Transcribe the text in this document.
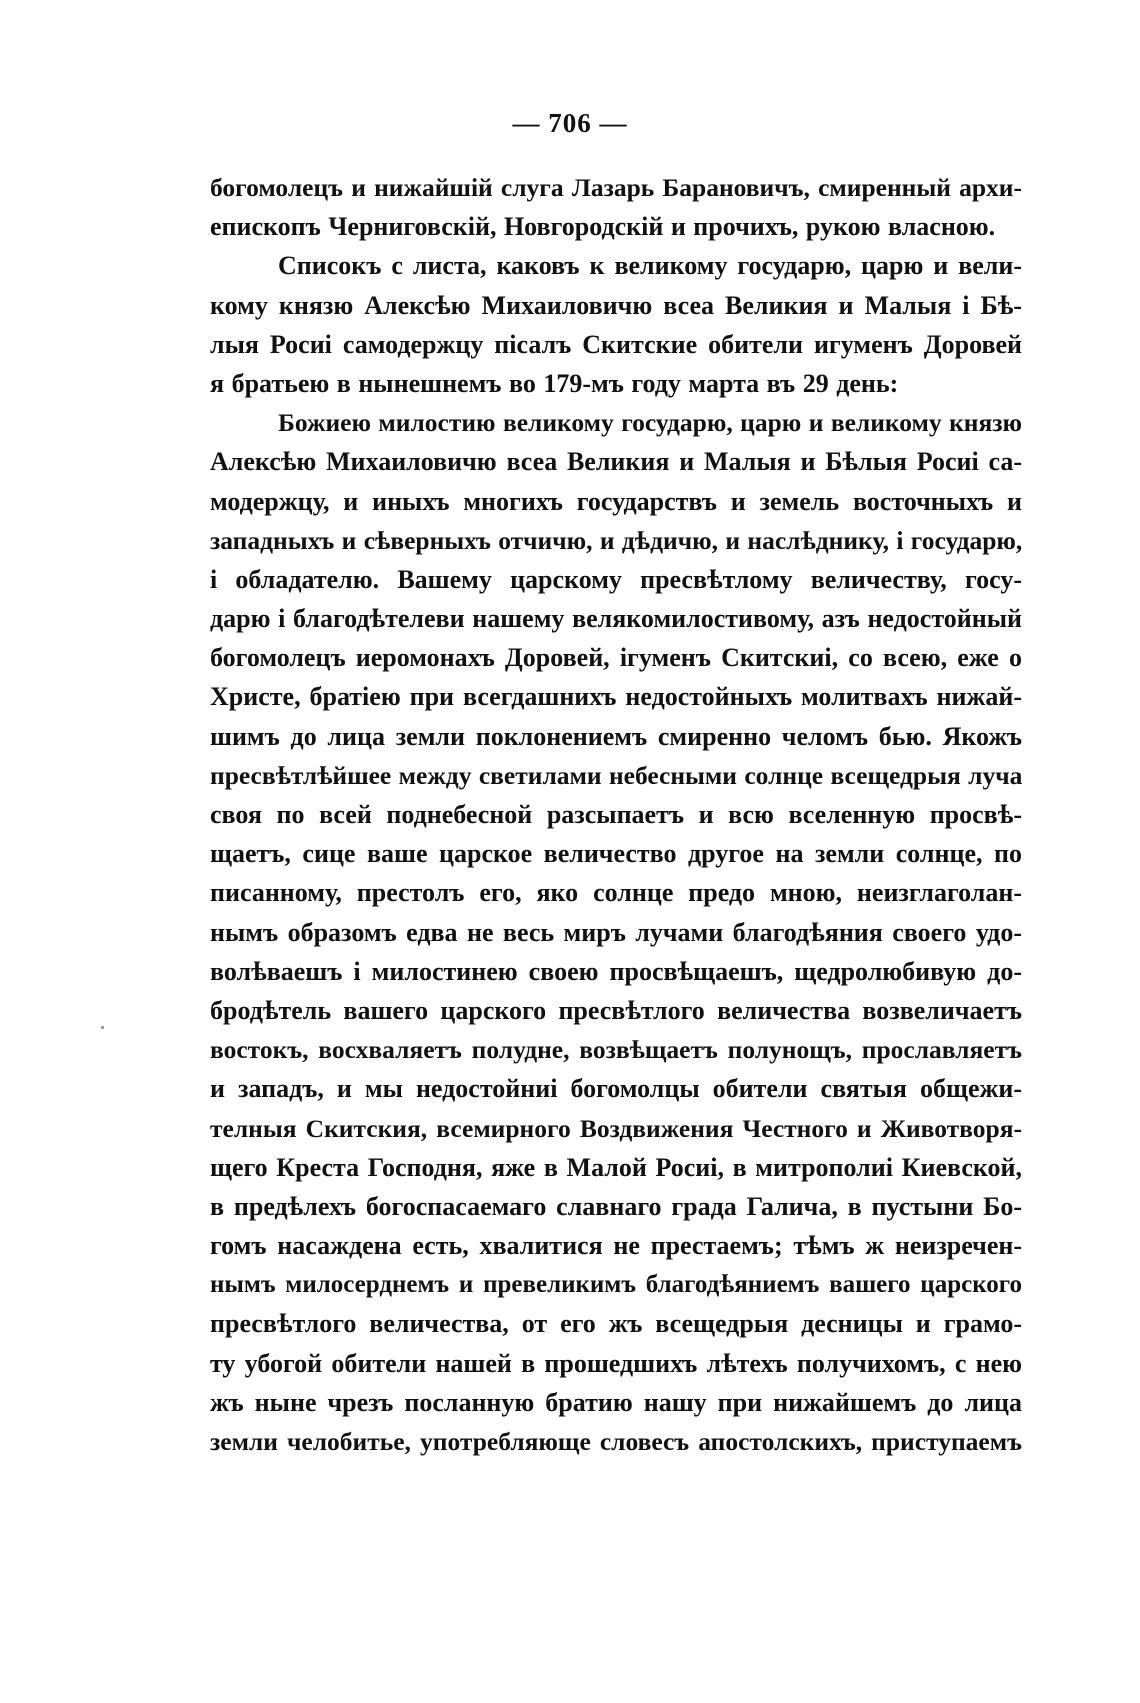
— 706 —
богомолецъ и нижайшій слуга Лазарь Барановичъ, смиренный архи-
епископъ Черниговскій, Новгородскій и прочихъ, рукою власною.
Списокъ с листа, каковъ к великому государю, царю и вели-
кому князю Алексѣю Михаиловичю всеа Великия и Малыя і Бѣ-
лыя Росиі самодержцу пісалъ Скитские обители игуменъ Доровей
я братьею в нынешнемъ во 179-мъ году марта въ 29 день:
Божиею милостию великому государю, царю и великому князю
Алексѣю Михаиловичю всеа Великия и Малыя и Бѣлыя Росиі са-
модержцу, и иныхъ многихъ государствъ и земель восточныхъ и
западныхъ и сѣверныхъ отчичю, и дѣдичю, и наслѣднику, і государю,
і обладателю. Вашему царскому пресвѣтлому величеству, госу-
дарю і благодѣтелеви нашему велякомилостивому, азъ недостойный
богомолецъ иеромонахъ Доровей, ігуменъ Скитскиі, со всею, еже о
Христе, братіею при всегдашнихъ недостойныхъ молитвахъ нижай-
шимъ до лица земли поклонениемъ смиренно челомъ бью. Якожъ
пресвѣтлѣйшее между светилами небесными солнце всещедрыя луча
своя по всей поднебесной разсыпаетъ и всю вселенную просвѣ-
щаетъ, сице ваше царское величество другое на земли солнце, по
писанному, престолъ его, яко солнце предо мною, неизглаголан-
нымъ образомъ едва не весь миръ лучами благодѣяния своего удо-
волѣваешъ і милостинею своею просвѣщаешъ, щедролюбивую до-
бродѣтель вашего царского пресвѣтлого величества возвеличаетъ
востокъ, восхваляетъ полудне, возвѣщаетъ полунощъ, прославляетъ
и западъ, и мы недостойниі богомолцы обители святыя общежи-
телныя Скитския, всемирного Воздвижения Честного и Животворя-
щего Креста Господня, яже в Малой Росиі, в митрополиі Киевской,
в предѣлехъ богоспасаемаго славнаго града Галича, в пустыни Бо-
гомъ насаждена есть, хвалитися не престаемъ; тѣмъ ж неизречен-
нымъ милосерднемъ и превеликимъ благодѣяниемъ вашего царского
пресвѣтлого величества, от его жъ всещедрыя десницы и грамо-
ту убогой обители нашей в прошедшихъ лѣтехъ получихомъ, с нею
жъ ныне чрезъ посланную братию нашу при нижайшемъ до лица
земли челобитье, употребляюще словесъ апостолскихъ, приступаемъ
